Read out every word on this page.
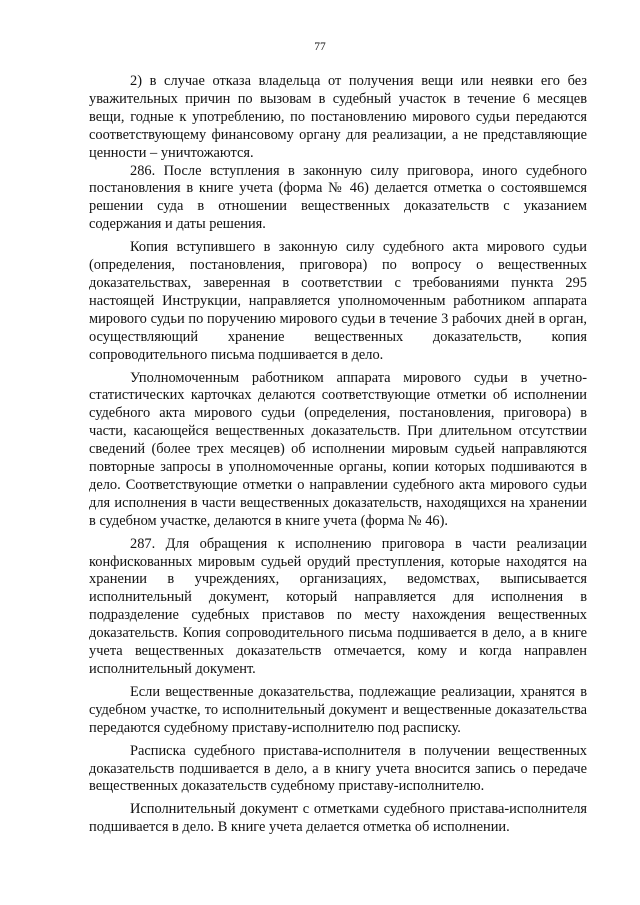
77

2) в случае отказа владельца от получения вещи или неявки его без уважительных причин по вызовам в судебный участок в течение 6 месяцев вещи, годные к употреблению, по постановлению мирового судьи передаются соответствующему финансовому органу для реализации, а не представляющие ценности – уничтожаются.

286. После вступления в законную силу приговора, иного судебного постановления в книге учета (форма № 46) делается отметка о состоявшемся решении суда в отношении вещественных доказательств с указанием содержания и даты решения.

Копия вступившего в законную силу судебного акта мирового судьи (определения, постановления, приговора) по вопросу о вещественных доказательствах, заверенная в соответствии с требованиями пункта 295 настоящей Инструкции, направляется уполномоченным работником аппарата мирового судьи по поручению мирового судьи в течение 3 рабочих дней в орган, осуществляющий хранение вещественных доказательств, копия сопроводительного письма подшивается в дело.

Уполномоченным работником аппарата мирового судьи в учетно-статистических карточках делаются соответствующие отметки об исполнении судебного акта мирового судьи (определения, постановления, приговора) в части, касающейся вещественных доказательств. При длительном отсутствии сведений (более трех месяцев) об исполнении мировым судьей направляются повторные запросы в уполномоченные органы, копии которых подшиваются в дело. Соответствующие отметки о направлении судебного акта мирового судьи для исполнения в части вещественных доказательств, находящихся на хранении в судебном участке, делаются в книге учета (форма № 46).

287. Для обращения к исполнению приговора в части реализации конфискованных мировым судьей орудий преступления, которые находятся на хранении в учреждениях, организациях, ведомствах, выписывается исполнительный документ, который направляется для исполнения в подразделение судебных приставов по месту нахождения вещественных доказательств. Копия сопроводительного письма подшивается в дело, а в книге учета вещественных доказательств отмечается, кому и когда направлен исполнительный документ.

Если вещественные доказательства, подлежащие реализации, хранятся в судебном участке, то исполнительный документ и вещественные доказательства передаются судебному приставу-исполнителю под расписку.

Расписка судебного пристава-исполнителя в получении вещественных доказательств подшивается в дело, а в книгу учета вносится запись о передаче вещественных доказательств судебному приставу-исполнителю.

Исполнительный документ с отметками судебного пристава-исполнителя подшивается в дело. В книге учета делается отметка об исполнении.
